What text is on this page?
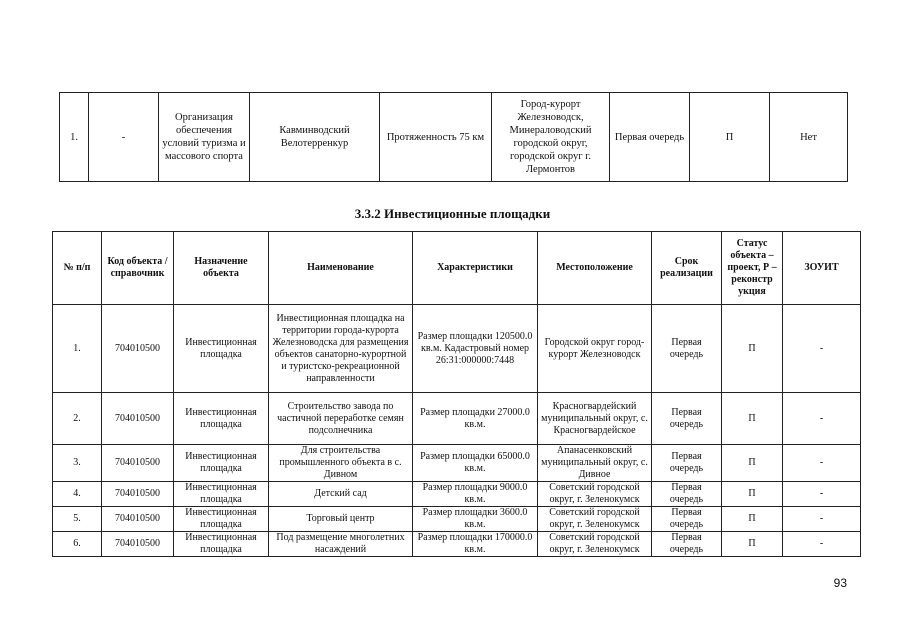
1.	-	Организация обеспечения условий туризма и массового спорта	Кавминводский Велотерренкур	Протяженность 75 км	Город-курорт Железноводск, Минераловодский городской округ, городской округ г. Лермонтов	Первая очередь	П	Нет
3.3.2 Инвестиционные площадки
№ п/п	Код объекта / справочник	Назначение объекта	Наименование	Характеристики	Местоположение	Срок реализации	Статус объекта – проект, Р – реконстр укция	ЗОУИТ
1.	704010500	Инвестиционная площадка	Инвестиционная площадка на территории города-курорта Железноводска для размещения объектов санаторно-курортной и туристско-рекреационной направленности	Размер площадки 120500.0 кв.м. Кадастровый номер 26:31:000000:7448	Городской округ город-курорт Железноводск	Первая очередь	П	-
2.	704010500	Инвестиционная площадка	Строительство завода по частичной переработке семян подсолнечника	Размер площадки 27000.0 кв.м.	Красногвардейский муниципальный округ, с. Красногвардейское	Первая очередь	П	-
3.	704010500	Инвестиционная площадка	Для строительства промышленного объекта в с. Дивном	Размер площадки 65000.0 кв.м.	Апанасенковский муниципальный округ, с. Дивное	Первая очередь	П	-
4.	704010500	Инвестиционная площадка	Детский сад	Размер площадки 9000.0 кв.м.	Советский городской округ, г. Зеленокумск	Первая очередь	П	-
5.	704010500	Инвестиционная площадка	Торговый центр	Размер площадки 3600.0 кв.м.	Советский городской округ, г. Зеленокумск	Первая очередь	П	-
6.	704010500	Инвестиционная площадка	Под размещение многолетних насаждений	Размер площадки 170000.0 кв.м.	Советский городской округ, г. Зеленокумск	Первая очередь	П	-
93
